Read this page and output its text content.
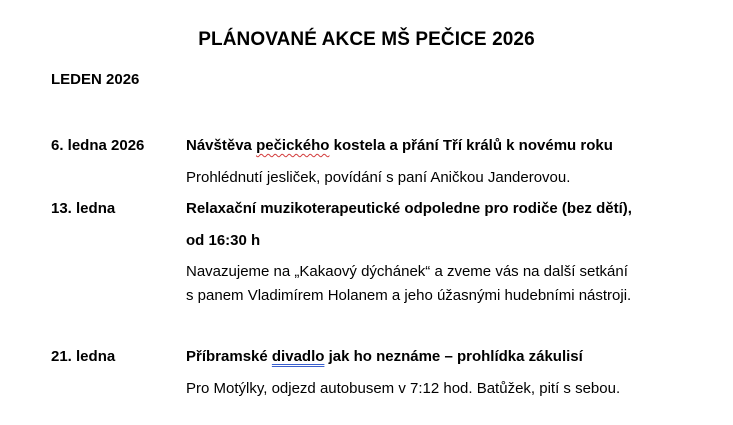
PLÁNOVANÉ AKCE MŠ PEČICE 2026
LEDEN 2026
6. ledna 2026	Návštěva pečického kostela a přání Tří králů k novému roku
Prohlédnutí jesliček, povídání s paní Aničkou Janderovou.
13. ledna	Relaxační muzikoterapeutické odpoledne pro rodiče (bez dětí),
od 16:30 h
Navazujeme na „Kakaový dýchánek“ a zveme vás na další setkání
s panem Vladimírem Holanem a jeho úžasnými hudebními nástroji.
21. ledna	Příbramské divadlo jak ho neznáme – prohlídka zákulisí
Pro Motýlky, odjezd autobusem v 7:12 hod. Batůžek, pití s sebou.
